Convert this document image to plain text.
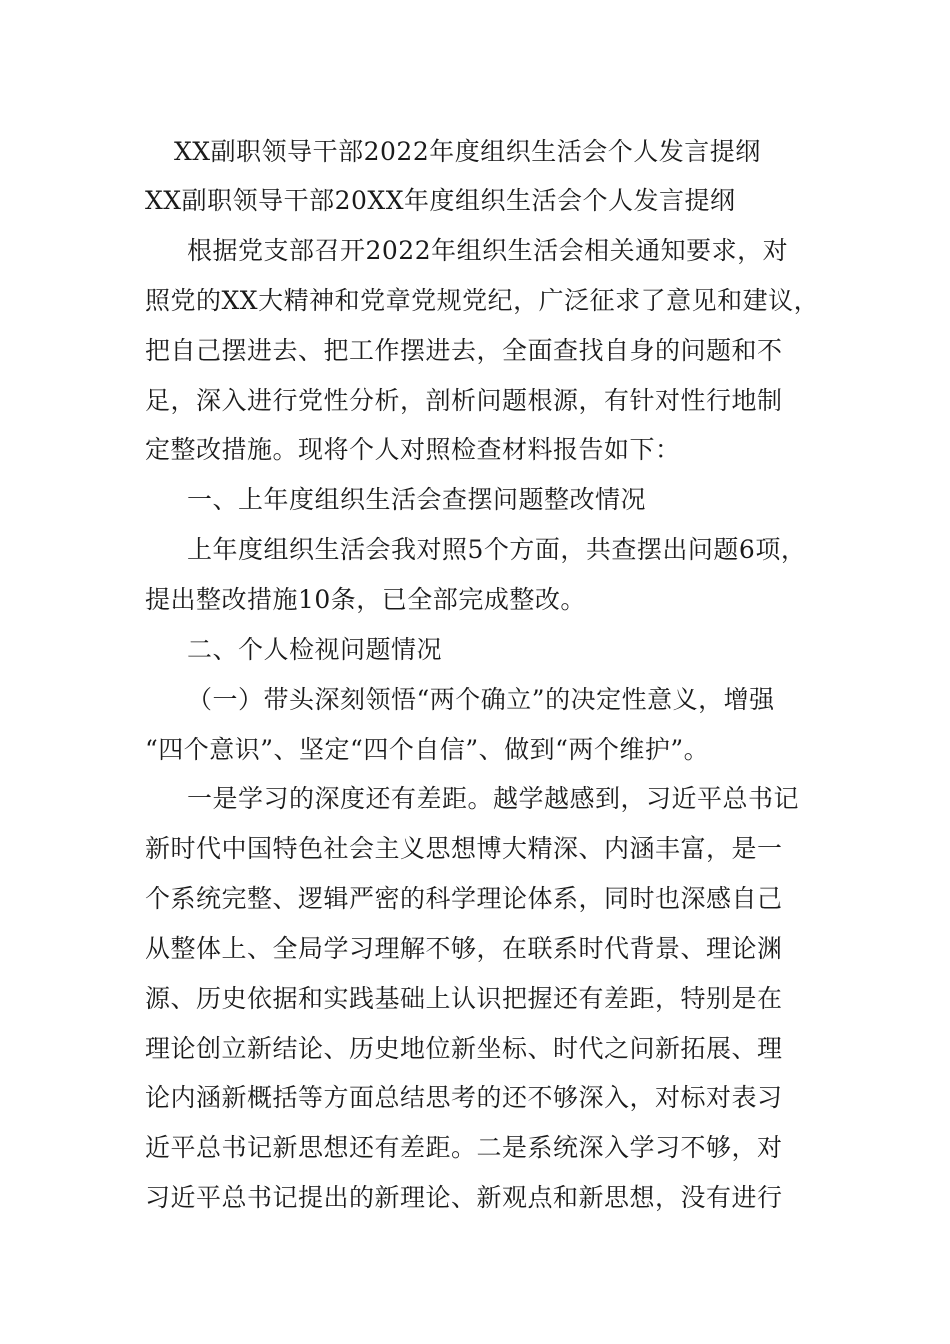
XX副职领导干部2022年度组织生活会个人发言提纲
XX副职领导干部20XX年度组织生活会个人发言提纲
根据党支部召开2022年组织生活会相关通知要求，对
照党的XX大精神和党章党规党纪，广泛征求了意见和建议，
把自己摆进去、把工作摆进去，全面查找自身的问题和不
足，深入进行党性分析，剖析问题根源，有针对性行地制
定整改措施。现将个人对照检查材料报告如下：
一、上年度组织生活会查摆问题整改情况
上年度组织生活会我对照5个方面，共查摆出问题6项，
提出整改措施10条，已全部完成整改。
二、个人检视问题情况
（一）带头深刻领悟“两个确立”的决定性意义，增强
“四个意识”、坚定“四个自信”、做到“两个维护”。
一是学习的深度还有差距。越学越感到，习近平总书记
新时代中国特色社会主义思想博大精深、内涵丰富，是一
个系统完整、逻辑严密的科学理论体系，同时也深感自己
从整体上、全局学习理解不够，在联系时代背景、理论渊
源、历史依据和实践基础上认识把握还有差距，特别是在
理论创立新结论、历史地位新坐标、时代之问新拓展、理
论内涵新概括等方面总结思考的还不够深入，对标对表习
近平总书记新思想还有差距。二是系统深入学习不够，对
习近平总书记提出的新理论、新观点和新思想，没有进行
